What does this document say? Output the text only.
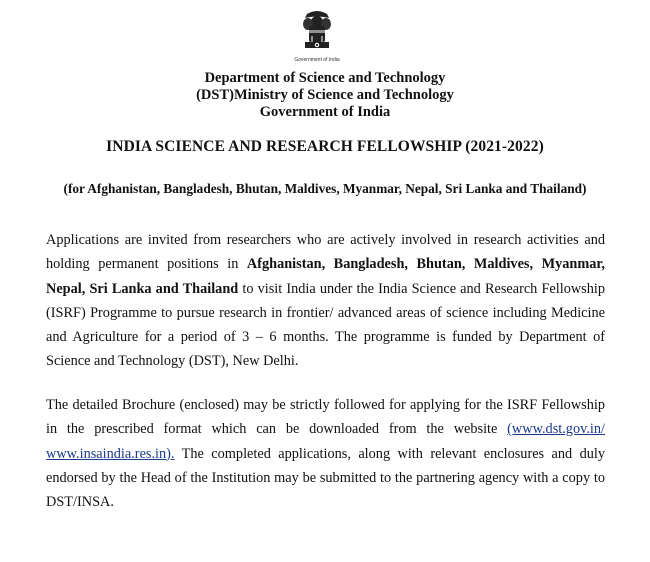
Government of India
Department of Science and Technology
(DST)Ministry of Science and Technology
Government of India
INDIA SCIENCE AND RESEARCH FELLOWSHIP (2021-2022)
(for Afghanistan, Bangladesh, Bhutan, Maldives, Myanmar, Nepal, Sri Lanka and Thailand)
Applications are invited from researchers who are actively involved in research activities and holding permanent positions in Afghanistan, Bangladesh, Bhutan, Maldives, Myanmar, Nepal, Sri Lanka and Thailand to visit India under the India Science and Research Fellowship (ISRF) Programme to pursue research in frontier/ advanced areas of science including Medicine and Agriculture for a period of 3 – 6 months. The programme is funded by Department of Science and Technology (DST), New Delhi.
The detailed Brochure (enclosed) may be strictly followed for applying for the ISRF Fellowship in the prescribed format which can be downloaded from the website (www.dst.gov.in/ www.insaindia.res.in). The completed applications, along with relevant enclosures and duly endorsed by the Head of the Institution may be submitted to the partnering agency with a copy to DST/INSA.
